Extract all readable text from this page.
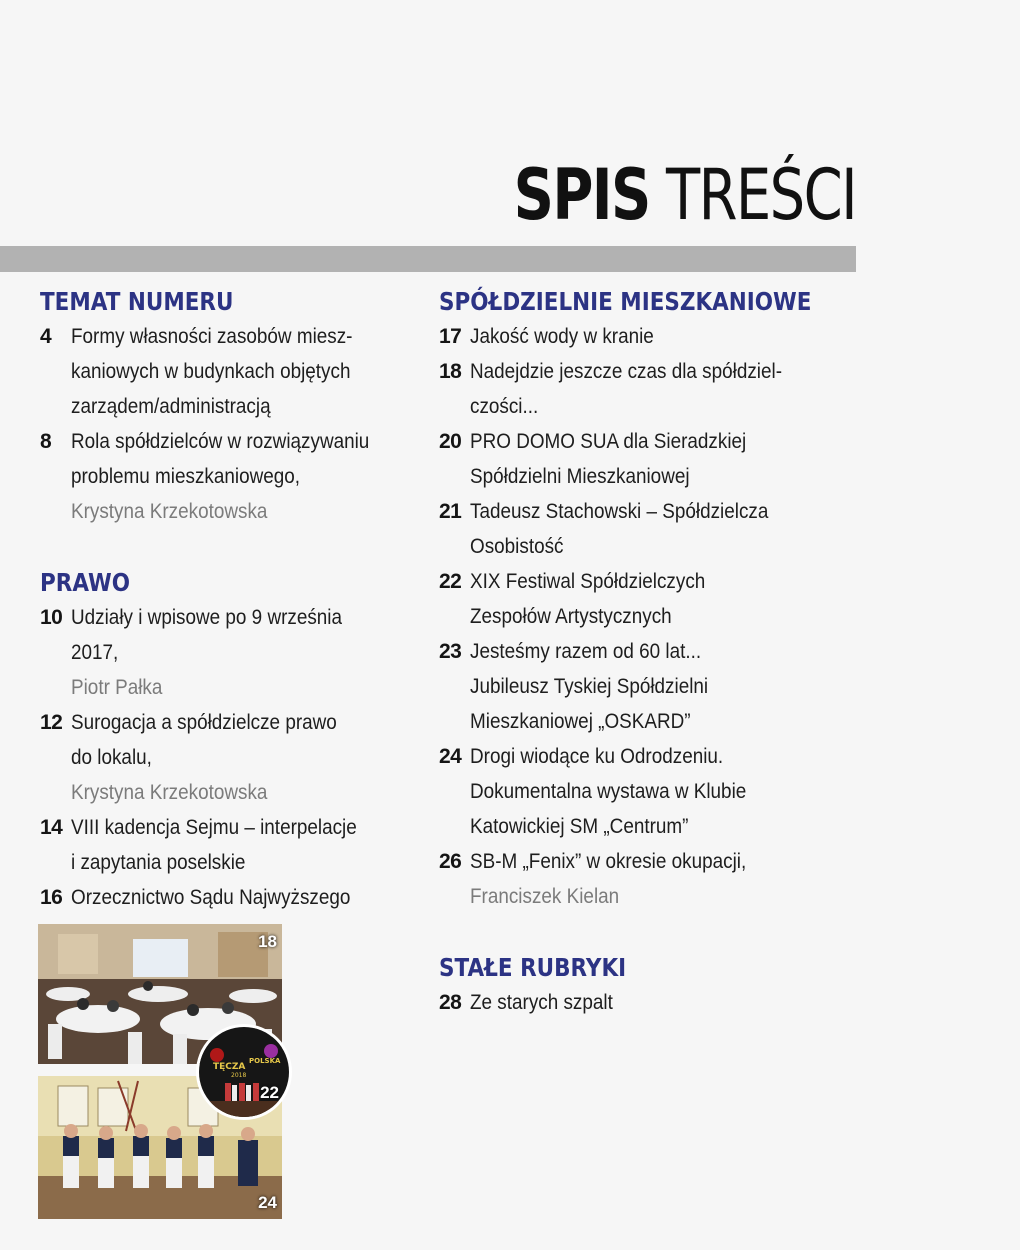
SPIS TREŚCI
TEMAT NUMERU
4 Formy własności zasobów miesz-
kaniowych w budynkach objętych
zarządem/administracją
8 Rola spółdzielców w rozwiązywaniu
problemu mieszkaniowego,
Krystyna Krzekotowska
PRAWO
10 Udziały i wpisowe po 9 września
2017,
Piotr Pałka
12 Surogacja a spółdzielcze prawo
do lokalu,
Krystyna Krzekotowska
14 VIII kadencja Sejmu – interpelacje
i zapytania poselskie
16 Orzecznictwo Sądu Najwyższego
SPÓŁDZIELNIE MIESZKANIOWE
17 Jakość wody w kranie
18 Nadejdzie jeszcze czas dla spółdziel-
czości...
20 PRO DOMO SUA dla Sieradzkiej
Spółdzielni Mieszkaniowej
21 Tadeusz Stachowski – Spółdzielcza
Osobistość
22 XIX Festiwal Spółdzielczych
Zespołów Artystycznych
23 Jesteśmy razem od 60 lat...
Jubileusz Tyskiej Spółdzielni
Mieszkaniowej „OSKARD”
24 Drogi wiodące ku Odrodzeniu.
Dokumentalna wystawa w Klubie
Katowickiej SM „Centrum”
26 SB-M „Fenix” w okresie okupacji,
Franciszek Kielan
STAŁE RUBRYKI
28 Ze starych szpalt
18
24
TĘCZA
POLSKA
2018
22
